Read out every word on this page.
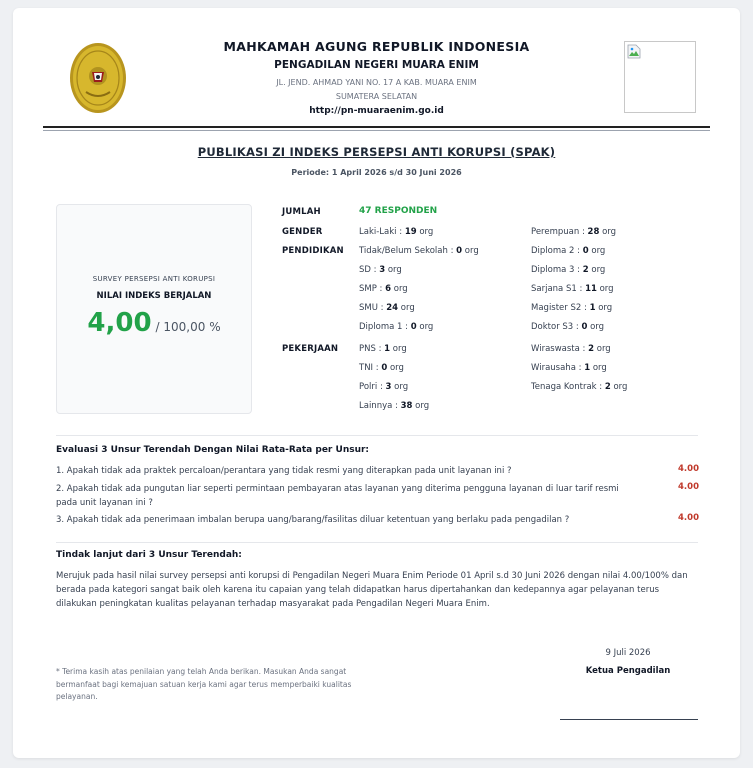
MAHKAMAH AGUNG REPUBLIK INDONESIA
PENGADILAN NEGERI MUARA ENIM
JL. JEND. AHMAD YANI NO. 17 A KAB. MUARA ENIM
SUMATERA SELATAN
http://pn-muaraenim.go.id
PUBLIKASI ZI INDEKS PERSEPSI ANTI KORUPSI (SPAK)
Periode: 1 April 2026 s/d 30 Juni 2026
SURVEY PERSEPSI ANTI KORUPSI
NILAI INDEKS BERJALAN
4,00 / 100,00 %
JUMLAH	47 RESPONDEN
GENDER	Laki-Laki : 19 org	Perempuan : 28 org
PENDIDIKAN Tidak/Belum Sekolah : 0 org	Diploma 2 : 0 org
SD : 3 org	Diploma 3 : 2 org
SMP : 6 org	Sarjana S1 : 11 org
SMU : 24 org	Magister S2 : 1 org
Diploma 1 : 0 org	Doktor S3 : 0 org
PEKERJAAN PNS : 1 org	Wiraswasta : 2 org
TNI : 0 org	Wirausaha : 1 org
Polri : 3 org	Tenaga Kontrak : 2 org
Lainnya : 38 org
Evaluasi 3 Unsur Terendah Dengan Nilai Rata-Rata per Unsur:
1. Apakah tidak ada praktek percaloan/perantara yang tidak resmi yang diterapkan pada unit layanan ini ?	4.00
2. Apakah tidak ada pungutan liar seperti permintaan pembayaran atas layanan yang diterima pengguna layanan di luar tarif resmi pada unit layanan ini ?
4.00
3. Apakah tidak ada penerimaan imbalan berupa uang/barang/fasilitas diluar ketentuan yang berlaku pada pengadilan ?	4.00
Tindak lanjut dari 3 Unsur Terendah:
Merujuk pada hasil nilai survey persepsi anti korupsi di Pengadilan Negeri Muara Enim Periode 01 April s.d 30 Juni 2026 dengan nilai 4.00/100% dan berada pada kategori sangat baik oleh karena itu capaian yang telah didapatkan harus dipertahankan dan kedepannya agar pelayanan terus dilakukan peningkatan kualitas pelayanan terhadap masyarakat pada Pengadilan Negeri Muara Enim.
* Terima kasih atas penilaian yang telah Anda berikan. Masukan Anda sangat bermanfaat bagi kemajuan satuan kerja kami agar terus memperbaiki kualitas pelayanan.
9 Juli 2026
Ketua Pengadilan
